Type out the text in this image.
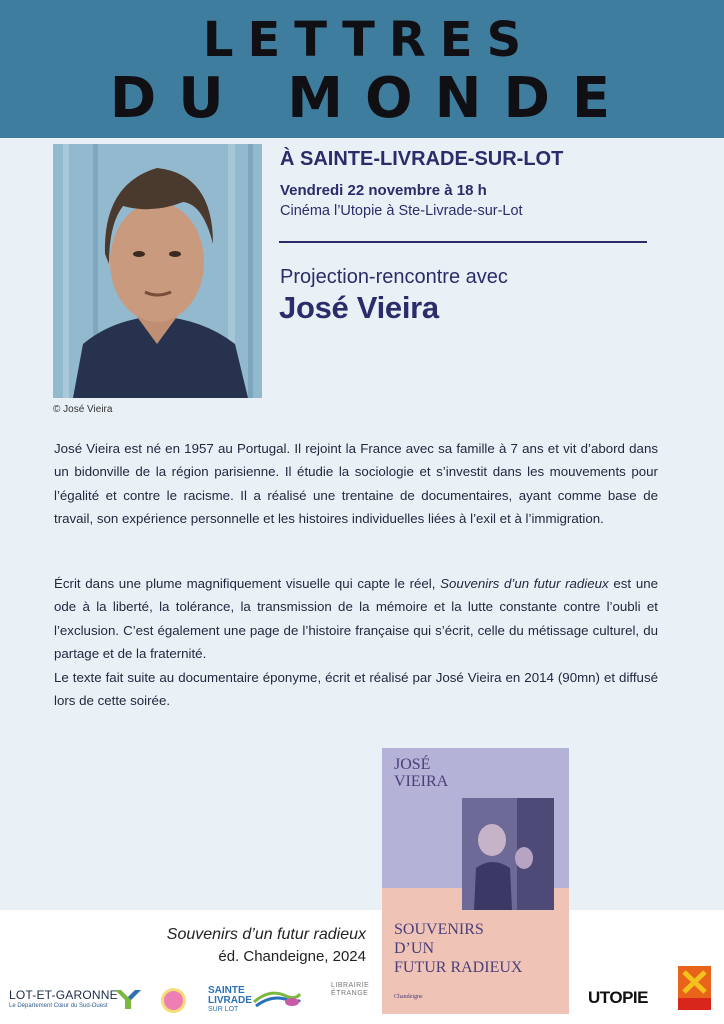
LETTRES
DU MONDE
© José Vieira
À SAINTE-LIVRADE-SUR-LOT
Vendredi 22 novembre à 18 h
Cinéma l’Utopie à Ste-Livrade-sur-Lot
Projection-rencontre avec
José Vieira

José Vieira est né en 1957 au Portugal. Il rejoint la France avec sa famille à 7 ans et vit d’abord dans un bidonville de la région parisienne. Il étudie la sociologie et s’investit dans les mouvements pour l’égalité et contre le racisme. Il a réalisé une trentaine de documentaires, ayant comme base de travail, son expérience personnelle et les histoires individuelles liées à l’exil et à l’immigration.

Écrit dans une plume magnifiquement visuelle qui capte le réel, Souvenirs d’un futur radieux est une ode à la liberté, la tolérance, la transmission de la mémoire et la lutte constante contre l’oubli et l’exclusion. C’est également une page de l’histoire française qui s’écrit, celle du métissage culturel, du partage et de la fraternité.

Le texte fait suite au documentaire éponyme, écrit et réalisé par José Vieira en 2014 (90mn) et diffusé lors de cette soirée.

Souvenirs d’un futur radieux
éd. Chandeigne, 2024
JOSÉ
VIEIRA
SOUVENIRS
D’UN
FUTUR RADIEUX
Chandeigne
LOT-ET-GARONNE
Le Département Cœur du Sud-Ouest
SAINTE
LIVRADE
SUR LOT
LIBRAIRIE ÉTRANGE	UTOPIE
